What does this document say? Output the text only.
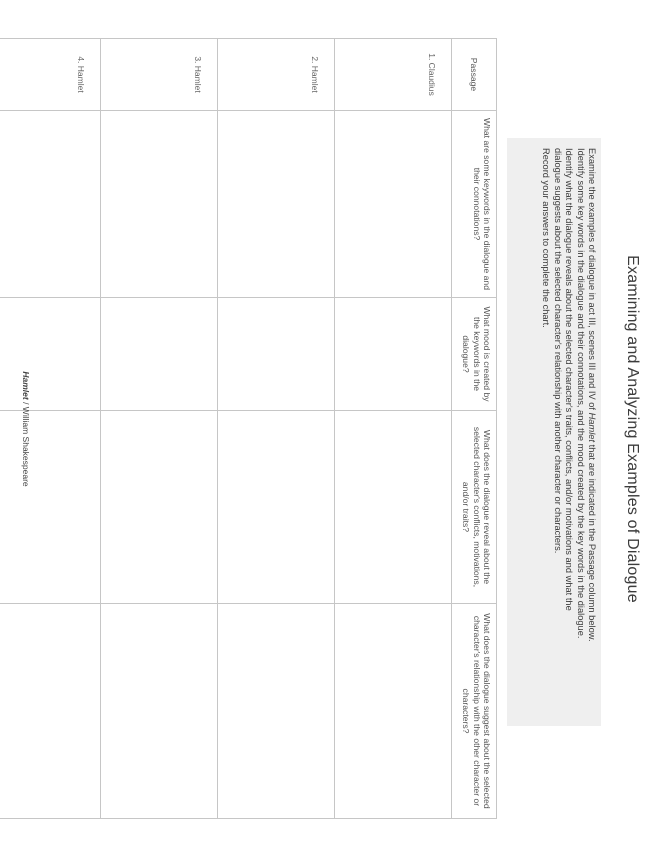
Examining and Analyzing Examples of Dialogue

Examine the examples of dialogue in act III, scenes III and IV of Hamlet that are indicated in the Passage column below.

Identify some key words in the dialogue and their connotations, and the mood created by the key words in the dialogue.

Identify what the dialogue reveals about the selected character's traits, conflicts, and/or motivations and what the

dialogue suggests about the selected character's relationship with another character or characters.

Record your answers to complete the chart.

Passage	What are some keywords in the dialogue and their connotations?	What mood is created by the keywords in the dialogue?	What does the dialogue reveal about the selected character's conflicts, motivations, and/or traits?	What does the dialogue suggest about the selected character's relationship with the other character or characters?
1. Claudius				
2. Hamlet				
3. Hamlet				
4. Hamlet				
Hamlet / William Shakespeare
